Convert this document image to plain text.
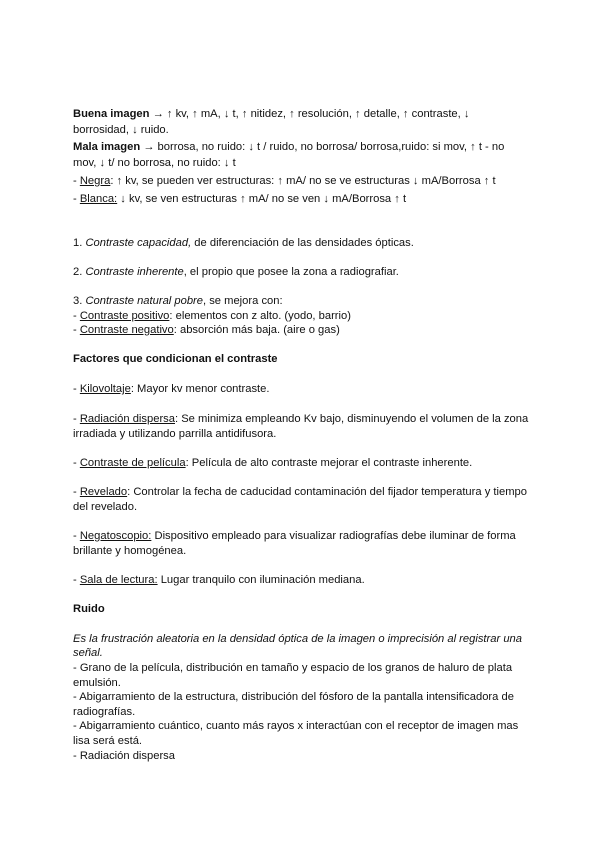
Buena imagen → ↑ kv, ↑ mA, ↓ t, ↑ nitidez, ↑ resolución, ↑ detalle, ↑ contraste, ↓
borrosidad, ↓ ruido.
Mala imagen → borrosa, no ruido: ↓ t / ruido, no borrosa/ borrosa,ruido: si mov, ↑ t - no
mov, ↓ t/ no borrosa, no ruido: ↓ t
- Negra: ↑ kv, se pueden ver estructuras: ↑ mA/ no se ve estructuras ↓ mA/Borrosa ↑ t
- Blanca: ↓ kv, se ven estructuras ↑ mA/ no se ven ↓ mA/Borrosa ↑ t
1. Contraste capacidad, de diferenciación de las densidades ópticas.
2. Contraste inherente, el propio que posee la zona a radiografiar.
3. Contraste natural pobre, se mejora con:
- Contraste positivo: elementos con z alto. (yodo, barrio)
- Contraste negativo: absorción más baja. (aire o gas)
Factores que condicionan el contraste
- Kilovoltaje: Mayor kv menor contraste.
- Radiación dispersa: Se minimiza empleando Kv bajo, disminuyendo el volumen de la zona
irradiada y utilizando parrilla antidifusora.
- Contraste de película: Película de alto contraste mejorar el contraste inherente.
- Revelado: Controlar la fecha de caducidad contaminación del fijador temperatura y tiempo
del revelado.
- Negatoscopio: Dispositivo empleado para visualizar radiografías debe iluminar de forma
brillante y homogénea.
- Sala de lectura: Lugar tranquilo con iluminación mediana.
Ruido
Es la frustración aleatoria en la densidad óptica de la imagen o imprecisión al registrar una
señal.
- Grano de la película, distribución en tamaño y espacio de los granos de haluro de plata
emulsión.
- Abigarramiento de la estructura, distribución del fósforo de la pantalla intensificadora de
radiografías.
- Abigarramiento cuántico, cuanto más rayos x interactúan con el receptor de imagen mas
lisa será está.
- Radiación dispersa
